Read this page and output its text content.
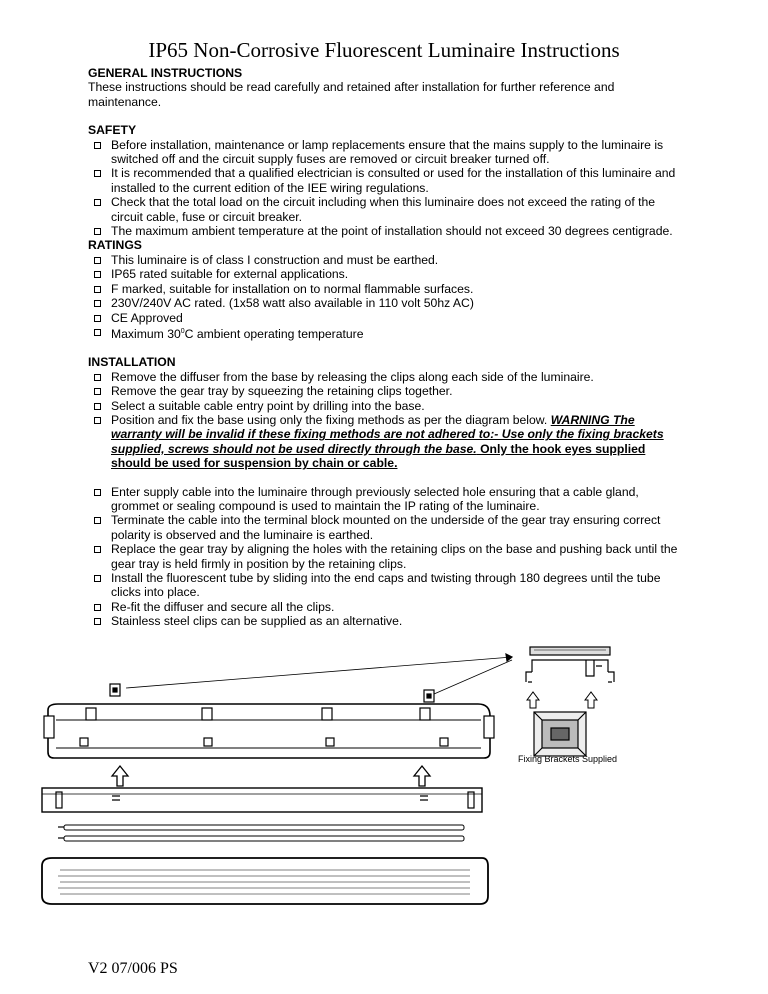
IP65 Non-Corrosive Fluorescent Luminaire Instructions

GENERAL INSTRUCTIONS

These instructions should be read carefully and retained after installation for further reference and maintenance.

SAFETY

Before installation, maintenance or lamp replacements ensure that the mains supply to the luminaire is switched off and the circuit supply fuses are removed or circuit breaker turned off.
It is recommended that a qualified electrician is consulted or used for the installation of this luminaire and installed to the current edition of the IEE wiring regulations.
Check that the total load on the circuit including when this luminaire does not exceed the rating of the circuit cable, fuse or circuit breaker.
The maximum ambient temperature at the point of installation should not exceed 30 degrees centigrade.

RATINGS

This luminaire is of class I construction and must be earthed.
IP65 rated suitable for external applications.
F marked, suitable for installation on to normal flammable surfaces.
230V/240V AC rated. (1x58 watt also available in 110 volt 50hz AC)
CE Approved
Maximum $30^0C$ ambient operating temperature

INSTALLATION

Remove the diffuser from the base by releasing the clips along each side of the luminaire.
Remove the gear tray by squeezing the retaining clips together.
Select a suitable cable entry point by drilling into the base.
Position and fix the base using only the fixing methods as per the diagram below. WARNING The warranty will be invalid if these fixing methods are not adhered to:- Use only the fixing brackets supplied, screws should not be used directly through the base. Only the hook eyes supplied should be used for suspension by chain or cable.
Enter supply cable into the luminaire through previously selected hole ensuring that a cable gland, grommet or sealing compound is used to maintain the IP rating of the luminaire.
Terminate the cable into the terminal block mounted on the underside of the gear tray ensuring correct polarity is observed and the luminaire is earthed.
Replace the gear tray by aligning the holes with the retaining clips on the base and pushing back until the gear tray is held firmly in position by the retaining clips.
Install the fluorescent tube by sliding into the end caps and twisting through 180 degrees until the tube clicks into place.
Re-fit the diffuser and secure all the clips.
Stainless steel clips can be supplied as an alternative.
Fixing Brackets Supplied
V2 07/006 PS
